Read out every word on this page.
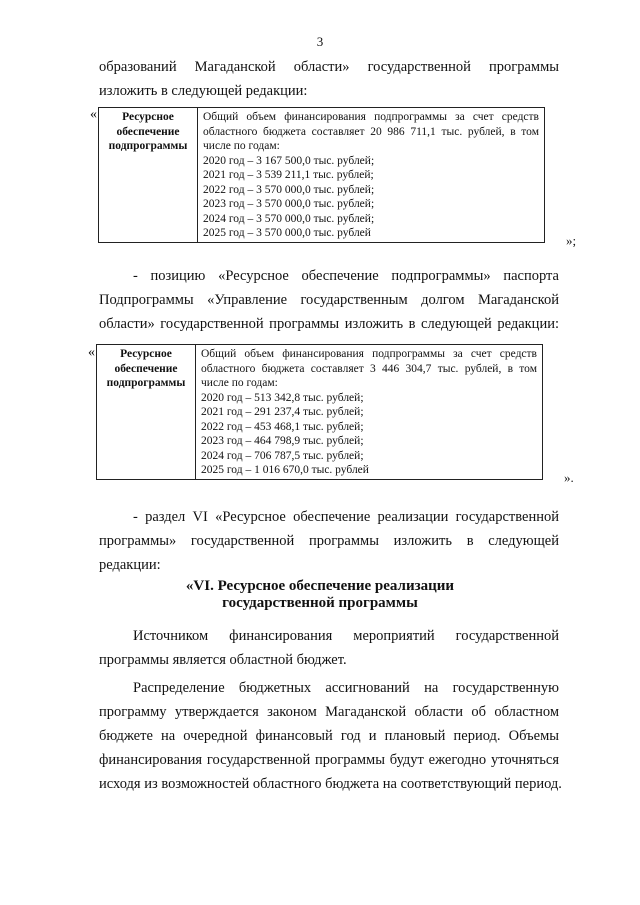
3
образований Магаданской области» государственной программы
изложить в следующей редакции:
«	Ресурсное
обеспечение
подпрограммы

Общий объем финансирования подпрограммы за счет средств
областного бюджета составляет 20 986 711,1 тыс. рублей, в том
числе по годам:
2020 год – 3 167 500,0 тыс. рублей;
2021 год – 3 539 211,1 тыс. рублей;
2022 год – 3 570 000,0 тыс. рублей;
2023 год – 3 570 000,0 тыс. рублей;
2024 год – 3 570 000,0 тыс. рублей;
2025 год – 3 570 000,0 тыс. рублей	»;
- позицию «Ресурсное обеспечение подпрограммы» паспорта
Подпрограммы «Управление государственным долгом Магаданской
области» государственной программы изложить в следующей редакции:
«	Ресурсное
обеспечение
подпрограммы

Общий объем финансирования подпрограммы за счет средств
областного бюджета составляет 3 446 304,7 тыс. рублей, в том
числе по годам:
2020 год – 513 342,8 тыс. рублей;
2021 год – 291 237,4 тыс. рублей;
2022 год – 453 468,1 тыс. рублей;
2023 год – 464 798,9 тыс. рублей;
2024 год – 706 787,5 тыс. рублей;
2025 год – 1 016 670,0 тыс. рублей	».
- раздел VI «Ресурсное обеспечение реализации государственной
программы» государственной программы изложить в следующей
редакции:
«VI. Ресурсное обеспечение реализации
государственной программы
Источником финансирования мероприятий государственной
программы является областной бюджет.
Распределение бюджетных ассигнований на государственную
программу утверждается законом Магаданской области об областном
бюджете на очередной финансовый год и плановый период. Объемы
финансирования государственной программы будут ежегодно уточняться
исходя из возможностей областного бюджета на соответствующий период.
